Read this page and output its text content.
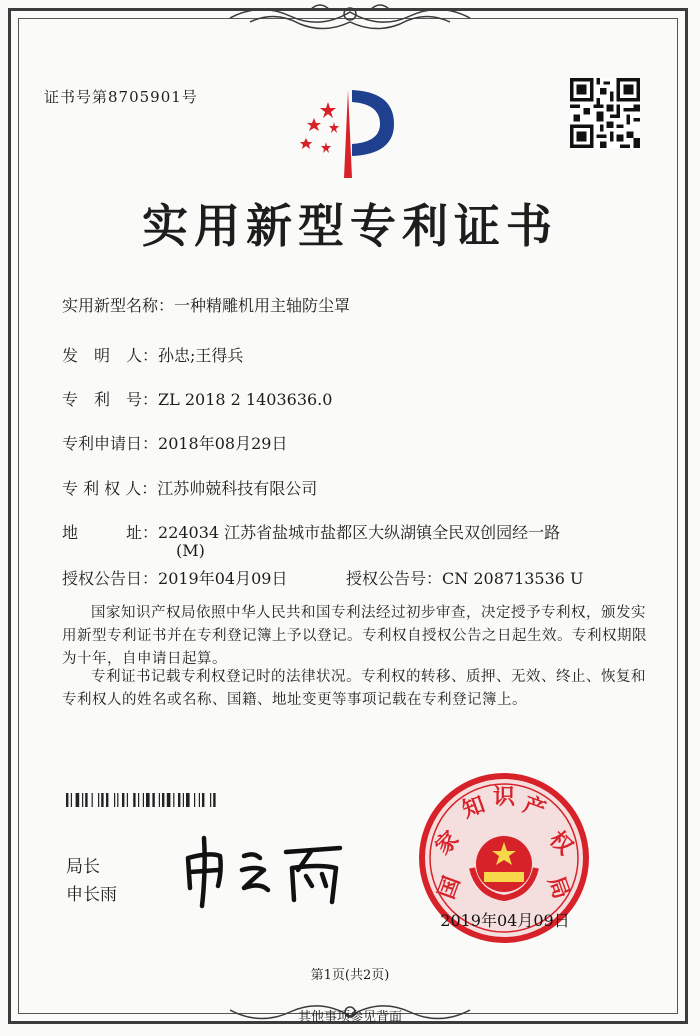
证书号第8705901号
实用新型专利证书
实用新型名称：一种精雕机用主轴防尘罩
发　明　人：孙忠;王得兵
专　利　号：ZL 2018 2 1403636.0
专利申请日：2018年08月29日
专 利 权 人：江苏帅兢科技有限公司
地　　　址：224034 江苏省盐城市盐都区大纵湖镇全民双创园经一路
(M)
授权公告日：2019年04月09日	授权公告号：CN 208713536 U
国家知识产权局依照中华人民共和国专利法经过初步审查，决定授予专利权，颁发实用新型专利证书并在专利登记簿上予以登记。专利权自授权公告之日起生效。专利权期限为十年，自申请日起算。
专利证书记载专利权登记时的法律状况。专利权的转移、质押、无效、终止、恢复和专利权人的姓名或名称、国籍、地址变更等事项记载在专利登记簿上。
局长
申长雨	国
家
知 识 产
权
局
2019年04月09日
第1页(共2页)
其他事项参见背面
